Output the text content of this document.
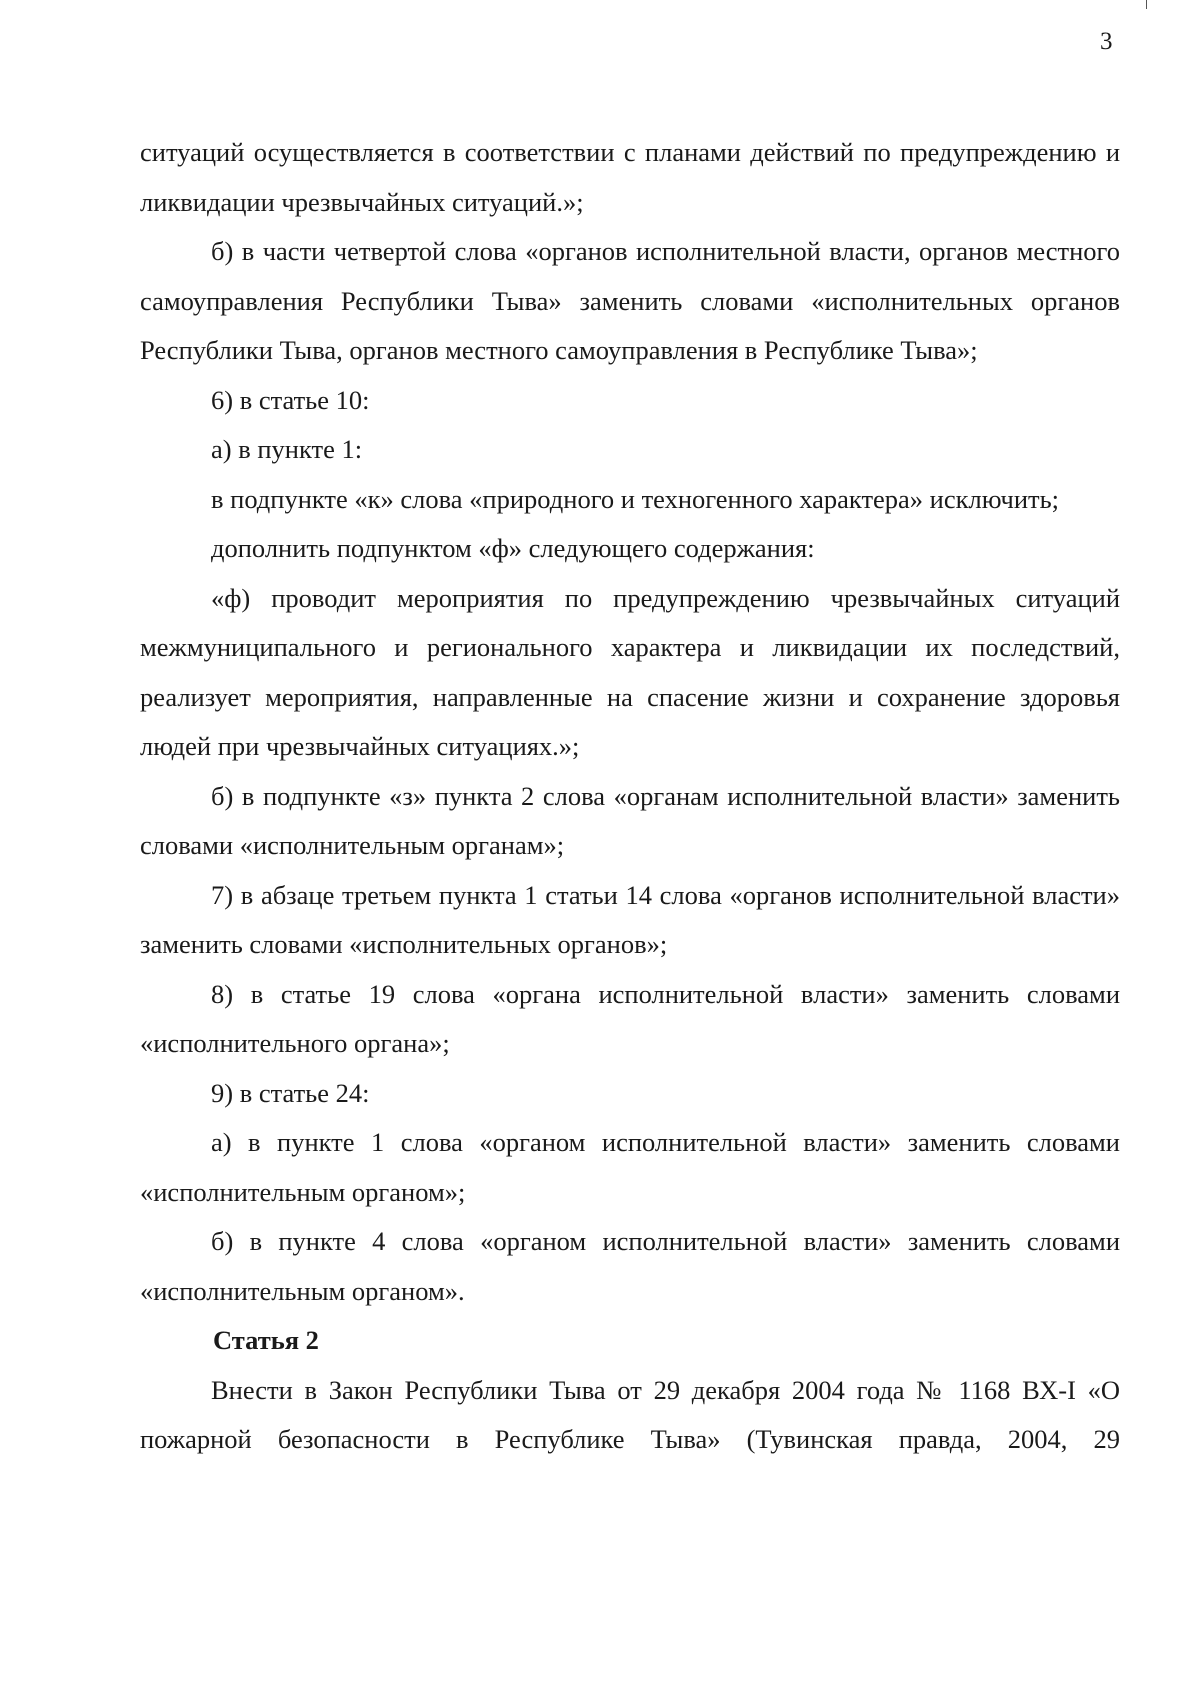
3

ситуаций осуществляется в соответствии с планами действий по предупреждению и ликвидации чрезвычайных ситуаций.»;

б) в части четвертой слова «органов исполнительной власти, органов местного самоуправления Республики Тыва» заменить словами «исполнительных органов Республики Тыва, органов местного самоуправления в Республике Тыва»;

6) в статье 10:

а) в пункте 1:

в подпункте «к» слова «природного и техногенного характера» исключить;

дополнить подпунктом «ф» следующего содержания:

«ф) проводит мероприятия по предупреждению чрезвычайных ситуаций межмуниципального и регионального характера и ликвидации их последствий, реализует мероприятия, направленные на спасение жизни и сохранение здоровья людей при чрезвычайных ситуациях.»;

б) в подпункте «з» пункта 2 слова «органам исполнительной власти» заменить словами «исполнительным органам»;

7) в абзаце третьем пункта 1 статьи 14 слова «органов исполнительной власти» заменить словами «исполнительных органов»;

8) в статье 19 слова «органа исполнительной власти» заменить словами «исполнительного органа»;

9) в статье 24:

а) в пункте 1 слова «органом исполнительной власти» заменить словами «исполнительным органом»;

б) в пункте 4 слова «органом исполнительной власти» заменить словами «исполнительным органом».

Статья 2

Внести в Закон Республики Тыва от 29 декабря 2004 года № 1168 ВХ-I «О пожарной безопасности в Республике Тыва» (Тувинская правда, 2004, 29
